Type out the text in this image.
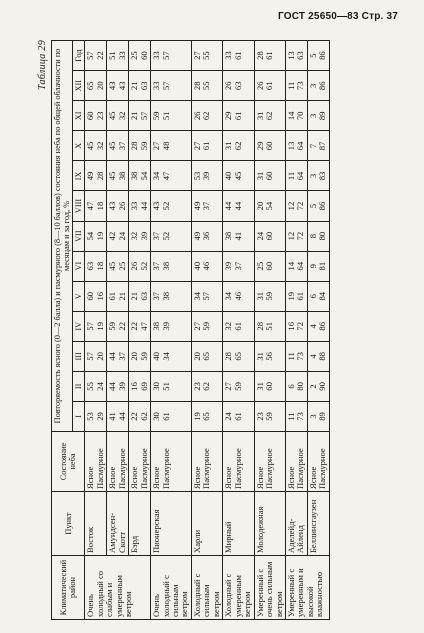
ГОСТ 25650—83 Стр. 37
Таблица 29
Климатический район	Пункт	Состояние неба	Повторяемость ясного (0—2 балла) и пасмурного (8—10 баллов) состояния неба по общей облачности по месяцам и за год, %												
			I	II	III	IV	V	VI	VII	VIII	IX	X	XI	XII	Год
Очень холодный со слабым и умеренным ветром	Восток	Ясное Пасмурное	53 29	55 24	57 20	57 19	60 16	63 18	54 19	47 18	49 28	45 32	60 23	65 20	57 22

	Амундсен-Скотт	Ясное Пасмурное	41 44	44 39	44 37	59 22	61 21	45 25	42 24	43 26	45 38	45 37	45 32	43 43	51 33

	Бэрд	Ясное Пасмурное	22 62	16 69	20 59	22 47	21 63	26 52	32 39	33 44	38 54	28 59	21 57	21 63	25 60

Очень холодный с сильным ветром	Пионерская	Ясное Пасмурное	30 61	30 51	40 34	38 39	37 38	37 38	37 52	43 52	34 47	27 48	59 51	33 57	33 57

Холодный с сильным ветром	Харли	Ясное Пасмурное	19 65	23 62	20 65	27 59	34 57	40 46	49 36	49 37	53 39	27 61	26 62	28 55	27 55

Холодный с умеренным ветром	Мирный	Ясное Пасмурное	24 61	27 59	28 65	32 61	34 46	39 37	38 41	44 44	40 45	31 62	29 61	26 63	33 61

Умеренный с очень сильным ветром	Молодежная	Ясное Пасмурное	23 59	31 60	31 56	28 51	31 59	25 60	24 60	20 54	31 60	29 60	31 62	26 61	28 61

Умеренный с умеренным и высокой влажностью	Аделейд-Айленд	Ясное Пасмурное	11 73	6 80	11 73	16 72	19 61	14 64	12 72	12 72	11 64	13 64	14 70	11 73	13 63

	Беллинсгаузен	Ясное Пасмурное	3 89	2 90	4 88	4 86	6 84	9 81	8 80	5 86	3 83	7 87	3 89	3 86	5 86
